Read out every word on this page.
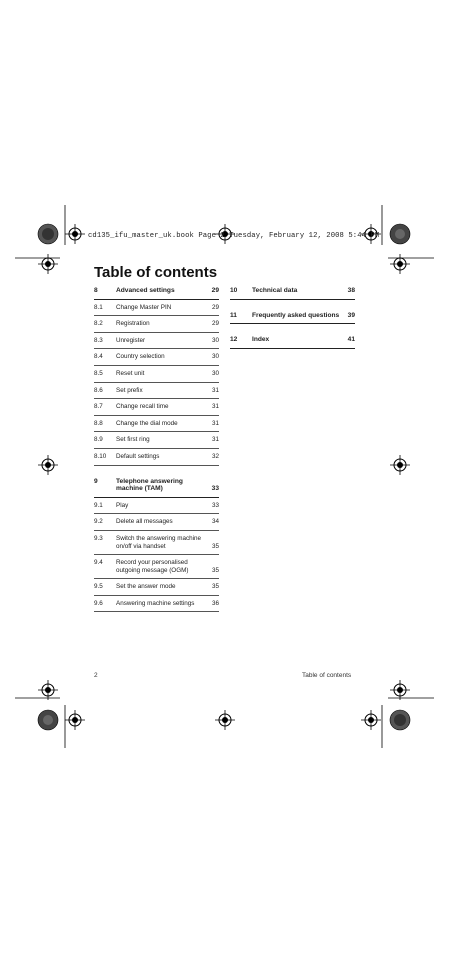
cd135_ifu_master_uk.book Page 2 Tuesday, February 12, 2008 5:44 PM
Table of contents
8	Advanced settings	29
8.1	Change Master PIN	29
8.2	Registration	29
8.3	Unregister	30
8.4	Country selection	30
8.5	Reset unit	30
8.6	Set prefix	31
8.7	Change recall time	31
8.8	Change the dial mode	31
8.9	Set first ring	31
8.10	Default settings	32
9	Telephone answering machine (TAM)	33
9.1	Play	33
9.2	Delete all messages	34
9.3	Switch the answering machine on/off via handset	35
9.4	Record your personalised outgoing message (OGM)	35
9.5	Set the answer mode	35
9.6	Answering machine settings	36
10	Technical data	38
11	Frequently asked questions	39
12	Index	41
2	Table of contents
